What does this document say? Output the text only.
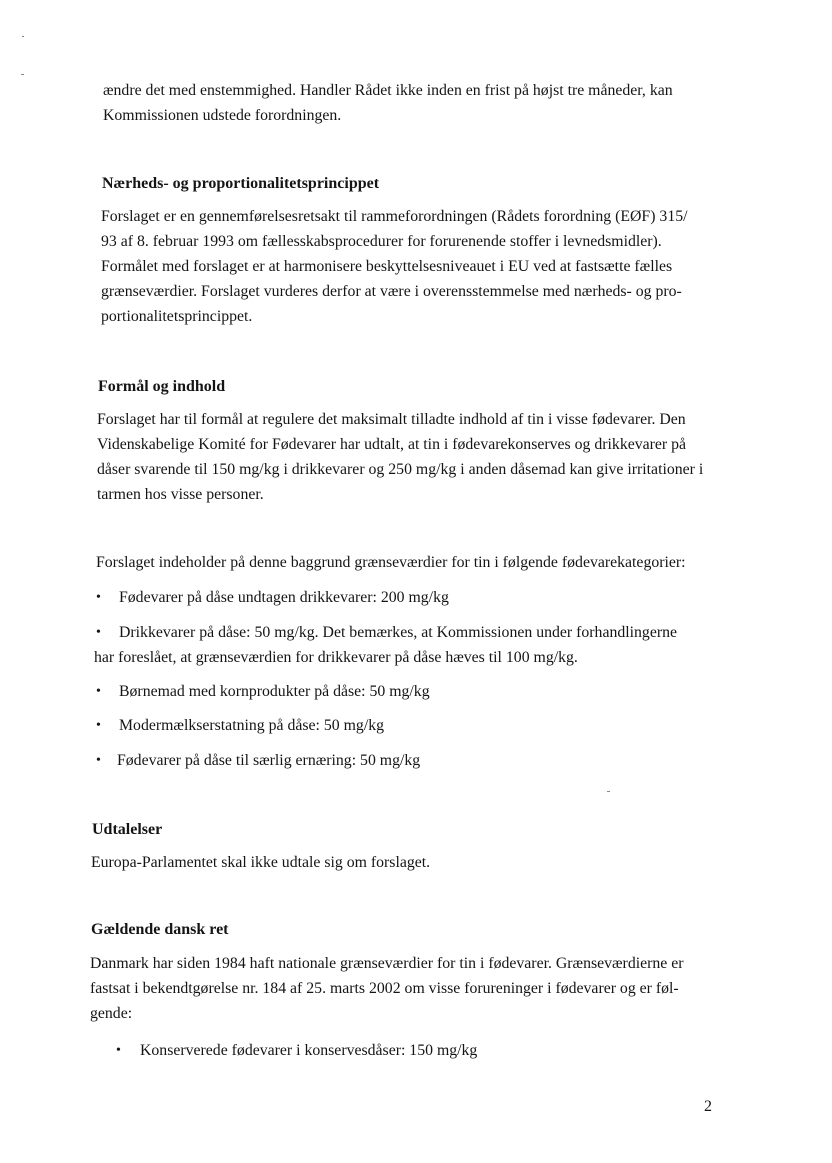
ændre det med enstemmighed. Handler Rådet ikke inden en frist på højst tre måneder, kan
Kommissionen udstede forordningen.

Nærheds- og proportionalitetsprincippet

Forslaget er en gennemførelsesretsakt til rammeforordningen (Rådets forordning (EØF) 315/
93 af 8. februar 1993 om fællesskabsprocedurer for forurenende stoffer i levnedsmidler).
Formålet med forslaget er at harmonisere beskyttelsesniveauet i EU ved at fastsætte fælles
grænseværdier. Forslaget vurderes derfor at være i overensstemmelse med nærheds- og pro-
portionalitetsprincippet.

Formål og indhold

Forslaget har til formål at regulere det maksimalt tilladte indhold af tin i visse fødevarer. Den
Videnskabelige Komité for Fødevarer har udtalt, at tin i fødevarekonserves og drikkevarer på
dåser svarende til 150 mg/kg i drikkevarer og 250 mg/kg i anden dåsemad kan give irritationer i
tarmen hos visse personer.

Forslaget indeholder på denne baggrund grænseværdier for tin i følgende fødevarekategorier:

• Fødevarer på dåse undtagen drikkevarer: 200 mg/kg
• Drikkevarer på dåse: 50 mg/kg. Det bemærkes, at Kommissionen under forhandlingerne
har foreslået, at grænseværdien for drikkevarer på dåse hæves til 100 mg/kg.
• Børnemad med kornprodukter på dåse: 50 mg/kg
• Modermælkserstatning på dåse: 50 mg/kg
• Fødevarer på dåse til særlig ernæring: 50 mg/kg
Udtalelser

Europa-Parlamentet skal ikke udtale sig om forslaget.

Gældende dansk ret

Danmark har siden 1984 haft nationale grænseværdier for tin i fødevarer. Grænseværdierne er
fastsat i bekendtgørelse nr. 184 af 25. marts 2002 om visse forureninger i fødevarer og er føl-
gende:

• Konserverede fødevarer i konservesdåser: 150 mg/kg
2
